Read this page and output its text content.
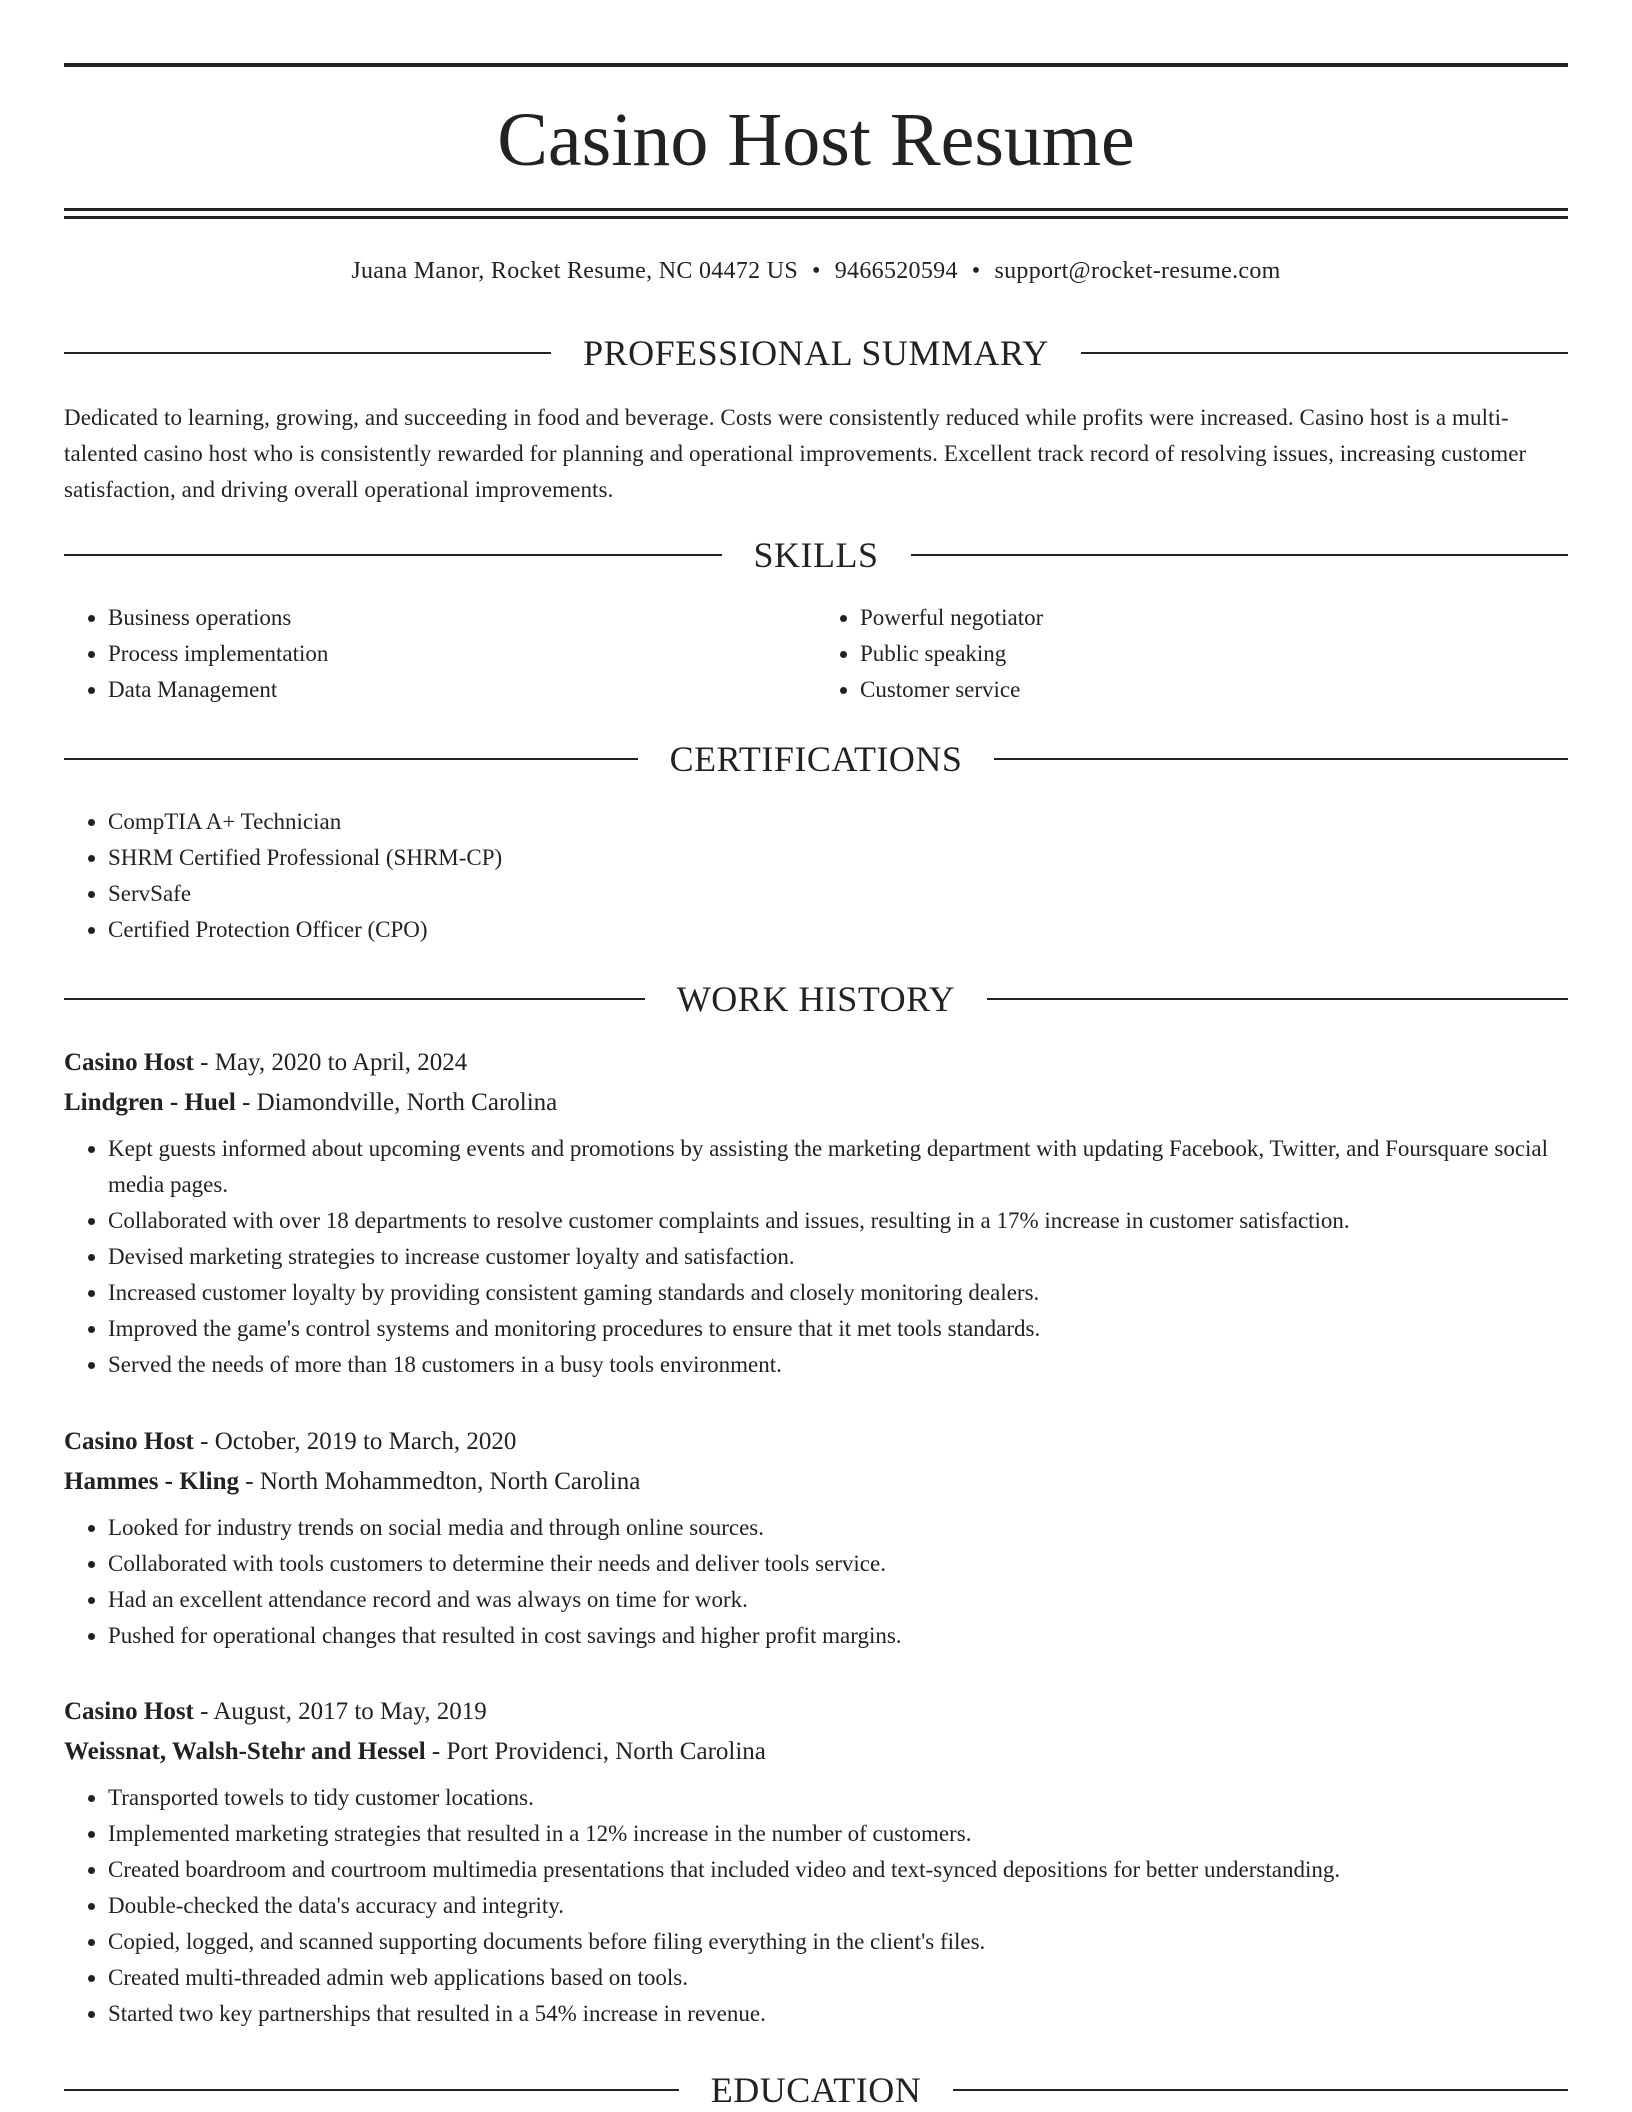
Casino Host Resume
Juana Manor, Rocket Resume, NC 04472 US • 9466520594 • support@rocket-resume.com
PROFESSIONAL SUMMARY

Dedicated to learning, growing, and succeeding in food and beverage. Costs were consistently reduced while profits were increased. Casino host is a multi-talented casino host who is consistently rewarded for planning and operational improvements. Excellent track record of resolving issues, increasing customer satisfaction, and driving overall operational improvements.

SKILLS
• Business operations
• Process implementation
• Data Management
• Powerful negotiator
• Public speaking
• Customer service
CERTIFICATIONS
• CompTIA A+ Technician
• SHRM Certified Professional (SHRM-CP)
• ServSafe
• Certified Protection Officer (CPO)
WORK HISTORY

Casino Host - May, 2020 to April, 2024

Lindgren - Huel - Diamondville, North Carolina

• Kept guests informed about upcoming events and promotions by assisting the marketing department with updating Facebook, Twitter, and Foursquare social media pages.
• Collaborated with over 18 departments to resolve customer complaints and issues, resulting in a 17% increase in customer satisfaction.
• Devised marketing strategies to increase customer loyalty and satisfaction.
• Increased customer loyalty by providing consistent gaming standards and closely monitoring dealers.
• Improved the game's control systems and monitoring procedures to ensure that it met tools standards.
• Served the needs of more than 18 customers in a busy tools environment.

Casino Host - October, 2019 to March, 2020

Hammes - Kling - North Mohammedton, North Carolina

• Looked for industry trends on social media and through online sources.
• Collaborated with tools customers to determine their needs and deliver tools service.
• Had an excellent attendance record and was always on time for work.
• Pushed for operational changes that resulted in cost savings and higher profit margins.

Casino Host - August, 2017 to May, 2019

Weissnat, Walsh-Stehr and Hessel - Port Providenci, North Carolina

• Transported towels to tidy customer locations.
• Implemented marketing strategies that resulted in a 12% increase in the number of customers.
• Created boardroom and courtroom multimedia presentations that included video and text-synced depositions for better understanding.
• Double-checked the data's accuracy and integrity.
• Copied, logged, and scanned supporting documents before filing everything in the client's files.
• Created multi-threaded admin web applications based on tools.
• Started two key partnerships that resulted in a 54% increase in revenue.
EDUCATION
